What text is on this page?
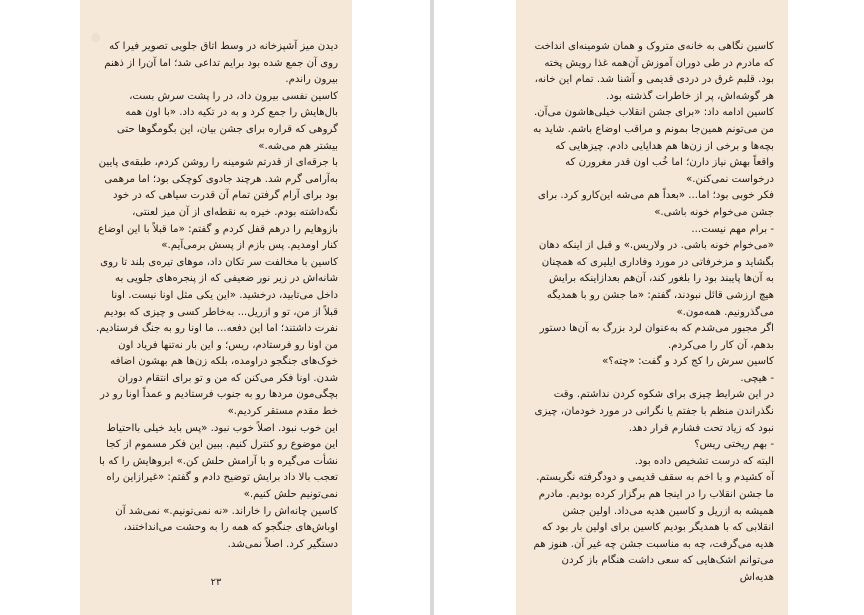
●

دیدن میز آشپزخانه در وسط اتاق جلویی تصویر فیرا که روی آن جمع شده بود برایم تداعی شد؛ اما آن‌را از ذهنم بیرون راندم.

کاسین نفسی بیرون داد، در را پشت سرش بست، بال‌هایش را جمع کرد و به در تکیه داد. «با اون همه گروهی که قراره برای جشن بیان، این بگومگوها حتی بیشتر هم می‌شه.»

با جرقه‌ای از قدرتم شومینه را روشن کردم، طبقه‌ی پایین به‌آرامی گرم شد. هرچند جادوی کوچکی بود؛ اما مرهمی بود برای آرام گرفتن تمام آن قدرت سیاهی که در خود نگه‌داشته بودم. خیره به نقطه‌ای از آن میز لعنتی، بازوهایم را درهم قفل کردم و گفتم: «ما قبلاً با این اوضاع کنار اومدیم. پس بازم از پسش برمی‌آیم.»

کاسین با مخالفت سر تکان داد، موهای تیره‌ی بلند تا روی شانه‌اش در زیر نور ضعیفی که از پنجره‌های جلویی به داخل می‌تابید، درخشید. «این یکی مثل اونا نیست. اونا قبلاً از من، تو و ازریل... به‌خاطر کسی و چیزی که بودیم نفرت داشتند؛ اما این دفعه... ما اونا رو به جنگ فرستادیم. من اونا رو فرستادم، ریس؛ و این بار نه‌تنها فریاد اون خوک‌های جنگجو دراومده، بلکه زن‌ها هم بهشون اضافه شدن. اونا فکر می‌کنن که من و تو برای انتقام دوران بچگی‌مون مردها رو به جنوب فرستادیم و عمداً اونا رو در خط مقدم مستقر کردیم.»

این خوب نبود. اصلاً خوب نبود. «پس باید خیلی بااحتیاط این موضوع رو کنترل کنیم. ببین این فکر مسموم از کجا نشأت می‌گیره و با آرامش حلش کن.» ابروهایش را که با تعجب بالا داد برایش توضیح دادم و گفتم: «غیرازاین راه نمی‌تونیم حلش کنیم.»

کاسین چانه‌اش را خاراند. «نه نمی‌تونیم.» نمی‌شد آن اوباش‌های جنگجو که همه را به وحشت می‌انداختند، دستگیر کرد. اصلاً نمی‌شد.

۲۳

کاسین نگاهی به خانه‌ی متروک و همان شومینه‌ای انداخت که مادرم در طی دوران آموزش آن‌همه غذا رویش پخته بود. قلبم غرق در دردی قدیمی و آشنا شد. تمام این خانه، هر گوشه‌اش، پر از خاطرات گذشته بود.

کاسین ادامه داد: «برای جشن انقلاب خیلی‌هاشون می‌آن. من می‌تونم همین‌جا بمونم و مراقب اوضاع باشم. شاید به بچه‌ها و برخی از زن‌ها هم هدایایی دادم. چیزهایی که واقعاً بهش نیاز دارن؛ اما خُب اون قدر مغرورن که درخواست نمی‌کنن.»

فکر خوبی بود؛ اما... «بعداً هم می‌شه این‌کارو کرد. برای جشن می‌خوام خونه باشی.»

- برام مهم نیست...

«می‌خوام خونه باشی. در ولاریس.» و قبل از اینکه دهان بگشاید و مزخرفاتی در مورد وفاداری ایلیری که همچنان به آن‌ها پایبند بود را بلغور کند، آن‌هم بعدازاینکه برایش هیچ ارزشی قائل نبودند، گفتم: «ما جشن رو با همدیگه می‌گذرونیم. همه‌مون.»

اگر مجبور می‌شدم که به‌عنوان لرد بزرگ به آن‌ها دستور بدهم، آن کار را می‌کردم.

کاسین سرش را کج کرد و گفت: «چته؟»

- هیچی.

در این شرایط چیزی برای شکوه کردن نداشتم. وقت نگذراندن منظم با جفتم یا نگرانی در مورد خودمان، چیزی نبود که زیاد تحت فشارم قرار دهد.

- بهم ریختی ریس؟

البته که درست تشخیص داده بود.

آه کشیدم و با اخم به سقف قدیمی و دودگرفته نگریستم. ما جشن انقلاب را در اینجا هم برگزار کرده بودیم. مادرم همیشه به ازریل و کاسین هدیه می‌داد. اولین جشن انقلابی که با همدیگر بودیم کاسین برای اولین بار بود که هدیه می‌گرفت، چه به مناسبت جشن چه غیر آن. هنوز هم می‌توانم اشک‌هایی که سعی داشت هنگام باز کردن هدیه‌اش
